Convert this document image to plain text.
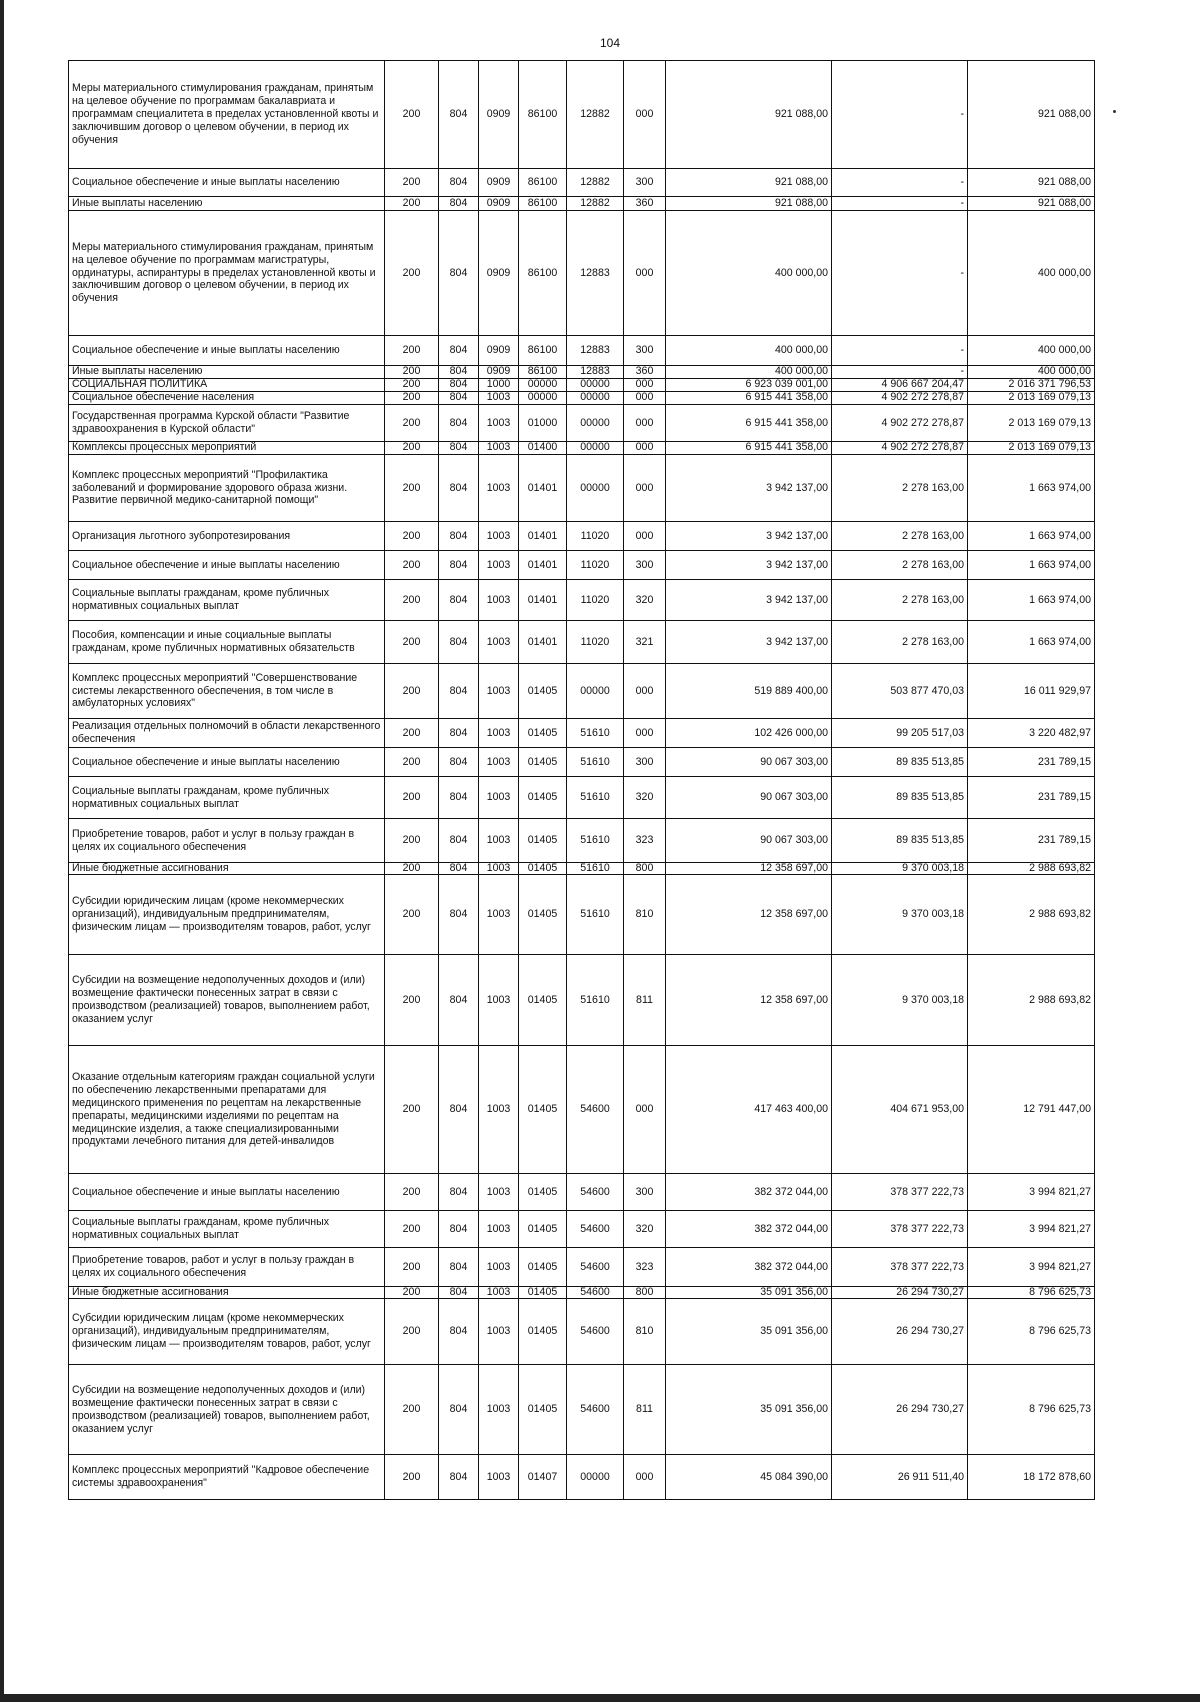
104
Меры материального стимулирования гражданам, принятым на целевое обучение по программам бакалавриата и программам специалитета в пределах установленной квоты и заключившим договор о целевом обучении, в период их обучения	200	804	0909	86100	12882	000	921 088,00	-	921 088,00
Социальное обеспечение и иные выплаты населению	200	804	0909	86100	12882	300	921 088,00	-	921 088,00
Иные выплаты населению	200	804	0909	86100	12882	360	921 088,00	-	921 088,00
Меры материального стимулирования гражданам, принятым на целевое обучение по программам магистратуры, ординатуры, аспирантуры в пределах установленной квоты и заключившим договор о целевом обучении, в период их обучения	200	804	0909	86100	12883	000	400 000,00	-	400 000,00
Социальное обеспечение и иные выплаты населению	200	804	0909	86100	12883	300	400 000,00	-	400 000,00
Иные выплаты населению	200	804	0909	86100	12883	360	400 000,00	-	400 000,00
СОЦИАЛЬНАЯ ПОЛИТИКА	200	804	1000	00000	00000	000	6 923 039 001,00	4 906 667 204,47	2 016 371 796,53
Социальное обеспечение населения	200	804	1003	00000	00000	000	6 915 441 358,00	4 902 272 278,87	2 013 169 079,13
Государственная программа Курской области "Развитие здравоохранения в Курской области"	200	804	1003	01000	00000	000	6 915 441 358,00	4 902 272 278,87	2 013 169 079,13
Комплексы процессных мероприятий	200	804	1003	01400	00000	000	6 915 441 358,00	4 902 272 278,87	2 013 169 079,13
Комплекс процессных мероприятий "Профилактика заболеваний и формирование здорового образа жизни. Развитие первичной медико-санитарной помощи"	200	804	1003	01401	00000	000	3 942 137,00	2 278 163,00	1 663 974,00
Организация льготного зубопротезирования	200	804	1003	01401	11020	000	3 942 137,00	2 278 163,00	1 663 974,00
Социальное обеспечение и иные выплаты населению	200	804	1003	01401	11020	300	3 942 137,00	2 278 163,00	1 663 974,00
Социальные выплаты гражданам, кроме публичных нормативных социальных выплат	200	804	1003	01401	11020	320	3 942 137,00	2 278 163,00	1 663 974,00
Пособия, компенсации и иные социальные выплаты гражданам, кроме публичных нормативных обязательств	200	804	1003	01401	11020	321	3 942 137,00	2 278 163,00	1 663 974,00
Комплекс процессных мероприятий "Совершенствование системы лекарственного обеспечения, в том числе в амбулаторных условиях"	200	804	1003	01405	00000	000	519 889 400,00	503 877 470,03	16 011 929,97
Реализация отдельных полномочий в области лекарственного обеспечения	200	804	1003	01405	51610	000	102 426 000,00	99 205 517,03	3 220 482,97
Социальное обеспечение и иные выплаты населению	200	804	1003	01405	51610	300	90 067 303,00	89 835 513,85	231 789,15
Социальные выплаты гражданам, кроме публичных нормативных социальных выплат	200	804	1003	01405	51610	320	90 067 303,00	89 835 513,85	231 789,15
Приобретение товаров, работ и услуг в пользу граждан в целях их социального обеспечения	200	804	1003	01405	51610	323	90 067 303,00	89 835 513,85	231 789,15
Иные бюджетные ассигнования	200	804	1003	01405	51610	800	12 358 697,00	9 370 003,18	2 988 693,82
Субсидии юридическим лицам (кроме некоммерческих организаций), индивидуальным предпринимателям, физическим лицам — производителям товаров, работ, услуг	200	804	1003	01405	51610	810	12 358 697,00	9 370 003,18	2 988 693,82
Субсидии на возмещение недополученных доходов и (или) возмещение фактически понесенных затрат в связи с производством (реализацией) товаров, выполнением работ, оказанием услуг	200	804	1003	01405	51610	811	12 358 697,00	9 370 003,18	2 988 693,82
Оказание отдельным категориям граждан социальной услуги по обеспечению лекарственными препаратами для медицинского применения по рецептам на лекарственные препараты, медицинскими изделиями по рецептам на медицинские изделия, а также специализированными продуктами лечебного питания для детей-инвалидов	200	804	1003	01405	54600	000	417 463 400,00	404 671 953,00	12 791 447,00
Социальное обеспечение и иные выплаты населению	200	804	1003	01405	54600	300	382 372 044,00	378 377 222,73	3 994 821,27
Социальные выплаты гражданам, кроме публичных нормативных социальных выплат	200	804	1003	01405	54600	320	382 372 044,00	378 377 222,73	3 994 821,27
Приобретение товаров, работ и услуг в пользу граждан в целях их социального обеспечения	200	804	1003	01405	54600	323	382 372 044,00	378 377 222,73	3 994 821,27
Иные бюджетные ассигнования	200	804	1003	01405	54600	800	35 091 356,00	26 294 730,27	8 796 625,73
Субсидии юридическим лицам (кроме некоммерческих организаций), индивидуальным предпринимателям, физическим лицам — производителям товаров, работ, услуг	200	804	1003	01405	54600	810	35 091 356,00	26 294 730,27	8 796 625,73
Субсидии на возмещение недополученных доходов и (или) возмещение фактически понесенных затрат в связи с производством (реализацией) товаров, выполнением работ, оказанием услуг	200	804	1003	01405	54600	811	35 091 356,00	26 294 730,27	8 796 625,73
Комплекс процессных мероприятий "Кадровое обеспечение системы здравоохранения"	200	804	1003	01407	00000	000	45 084 390,00	26 911 511,40	18 172 878,60
